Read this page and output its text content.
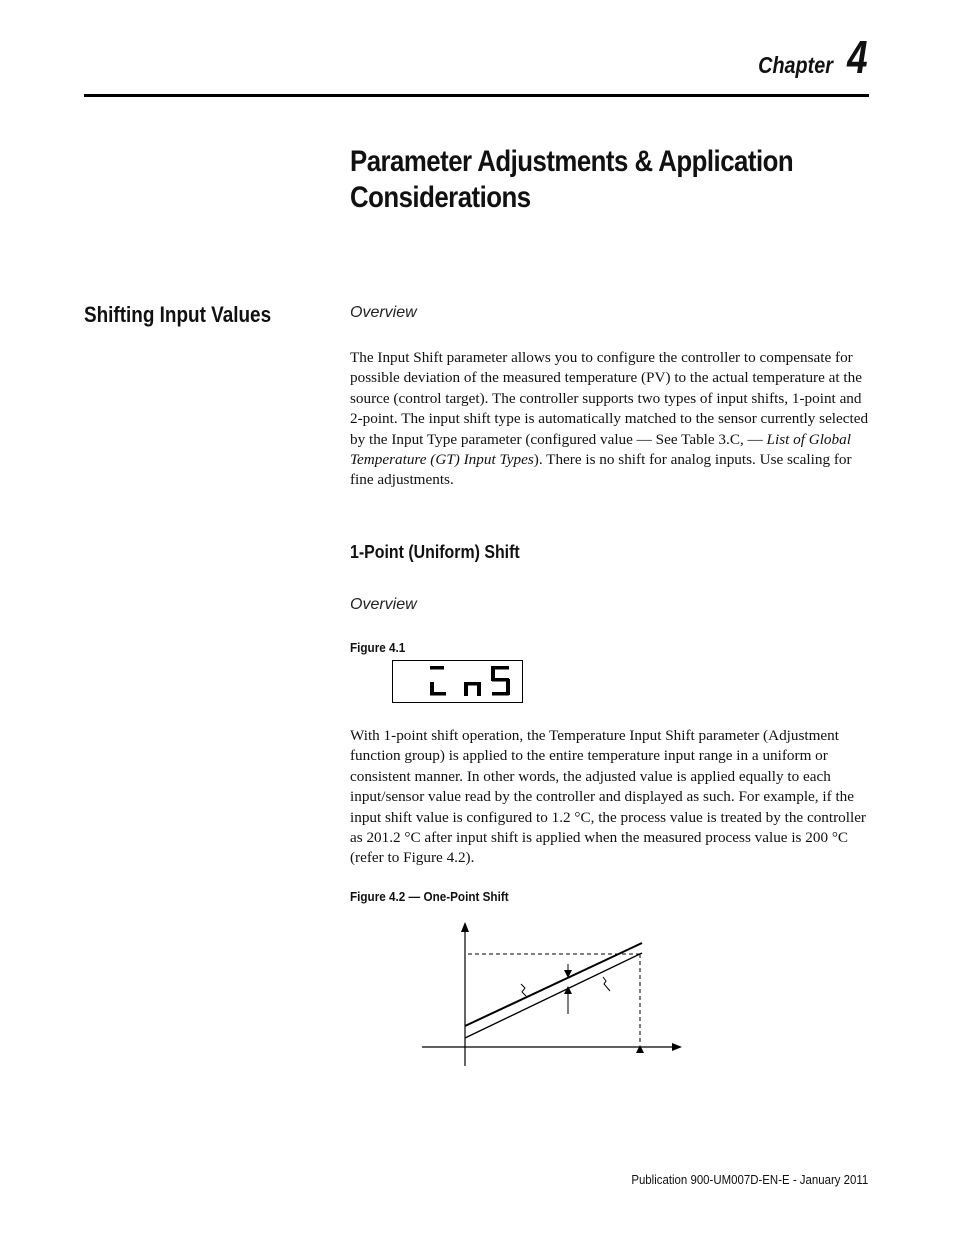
Chapter 4
Parameter Adjustments & Application
Considerations
Shifting Input Values	Overview
The Input Shift parameter allows you to configure the controller to compensate for possible deviation of the measured temperature (PV) to the actual temperature at the source (control target). The controller supports two types of input shifts, 1-point and 2-point. The input shift type is automatically matched to the sensor currently selected by the Input Type parameter (configured value — See Table 3.C, — List of Global Temperature (GT) Input Types). There is no shift for analog inputs. Use scaling for fine adjustments.
1-Point (Uniform) Shift
Overview
Figure 4.1
With 1-point shift operation, the Temperature Input Shift parameter (Adjustment function group) is applied to the entire temperature input range in a uniform or consistent manner. In other words, the adjusted value is applied equally to each input/sensor value read by the controller and displayed as such. For example, if the input shift value is configured to 1.2 °C, the process value is treated by the controller as 201.2 °C after input shift is applied when the measured process value is 200 °C (refer to Figure 4.2).
Figure 4.2 — One-Point Shift
Publication 900-UM007D-EN-E - January 2011
